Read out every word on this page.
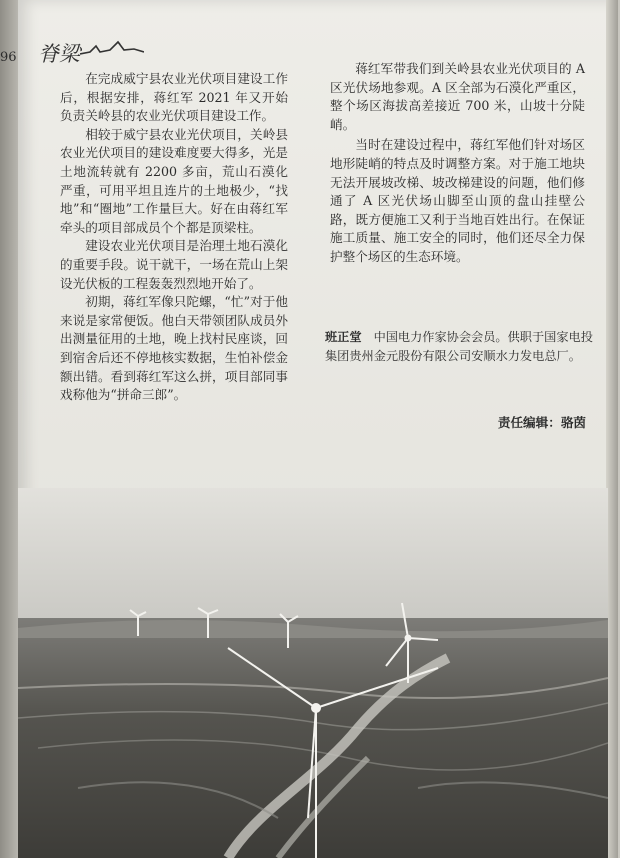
96 脊梁

在完成威宁县农业光伏项目建设工作后，根据安排，蒋红军 2021 年又开始负责关岭县的农业光伏项目建设工作。

相较于威宁县农业光伏项目，关岭县农业光伏项目的建设难度要大得多，光是土地流转就有 2200 多亩，荒山石漠化严重，可用平坦且连片的土地极少，“找地”和“圈地”工作量巨大。好在由蒋红军牵头的项目部成员个个都是顶梁柱。

建设农业光伏项目是治理土地石漠化的重要手段。说干就干，一场在荒山上架设光伏板的工程轰轰烈烈地开始了。

初期，蒋红军像只陀螺，“忙”对于他来说是家常便饭。他白天带领团队成员外出测量征用的土地，晚上找村民座谈，回到宿舍后还不停地核实数据，生怕补偿金额出错。看到蒋红军这么拼，项目部同事戏称他为“拼命三郎”。

蒋红军带我们到关岭县农业光伏项目的 A 区光伏场地参观。A 区全部为石漠化严重区，整个场区海拔高差接近 700 米，山坡十分陡峭。

当时在建设过程中，蒋红军他们针对场区地形陡峭的特点及时调整方案。对于施工地块无法开展坡改梯、坡改梯建设的问题，他们修通了 A 区光伏场山脚至山顶的盘山挂壁公路，既方便施工又利于当地百姓出行。在保证施工质量、施工安全的同时，他们还尽全力保护整个场区的生态环境。

班正堂 中国电力作家协会会员。供职于国家电投集团贵州金元股份有限公司安顺水力发电总厂。
责任编辑：骆茵
